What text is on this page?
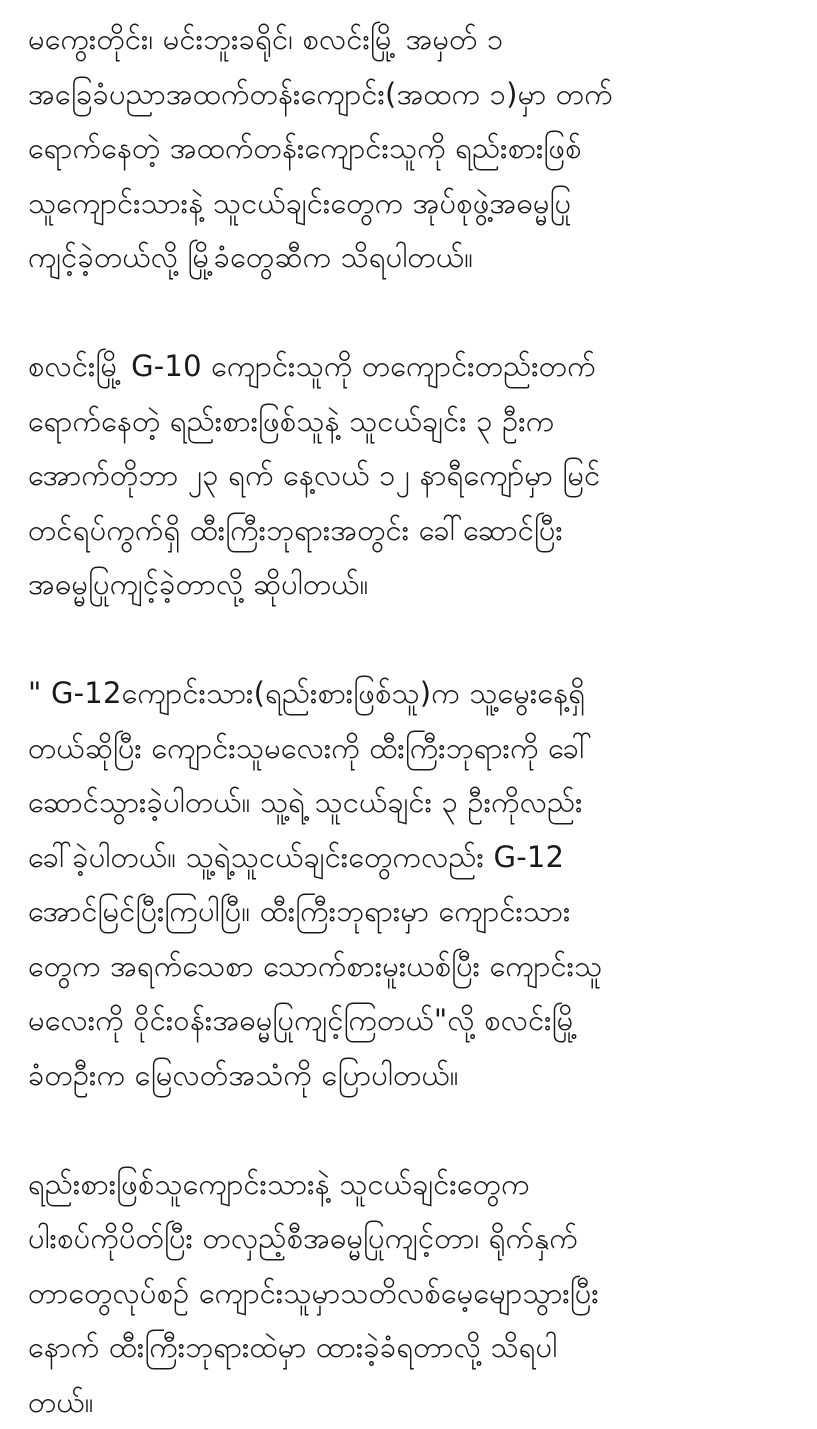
မကွေးတိုင်း၊ မင်းဘူးခရိုင်၊ စလင်းမြို့ အမှတ် ၁
အခြေခံပညာအထက်တန်းကျောင်း(အထက ၁)မှာ တက်
ရောက်နေတဲ့ အထက်တန်းကျောင်းသူကို ရည်းစားဖြစ်
သူကျောင်းသားနဲ့ သူငယ်ချင်းတွေက အုပ်စုဖွဲ့အဓမ္မပြု
ကျင့်ခဲ့တယ်လို့ မြို့ခံတွေဆီက သိရပါတယ်။
စလင်းမြို့ G-10 ကျောင်းသူကို တကျောင်းတည်းတက်
ရောက်နေတဲ့ ရည်းစားဖြစ်သူနဲ့ သူငယ်ချင်း ၃ ဦးက
အောက်တိုဘာ ၂၃ ရက် နေ့လယ် ၁၂ နာရီကျော်မှာ မြင်
တင်ရပ်ကွက်ရှိ ထီးကြီးဘုရားအတွင်း ခေါ်ဆောင်ပြီး
အဓမ္မပြုကျင့်ခဲ့တာလို့ ဆိုပါတယ်။
" G-12ကျောင်းသား(ရည်းစားဖြစ်သူ)က သူ့မွေးနေ့ရှိ
တယ်ဆိုပြီး ကျောင်းသူမလေးကို ထီးကြီးဘုရားကို ခေါ်
ဆောင်သွားခဲ့ပါတယ်။ သူ့ရဲ့ သူငယ်ချင်း ၃ ဦးကိုလည်း
ခေါ်ခဲ့ပါတယ်။ သူ့ရဲ့သူငယ်ချင်းတွေကလည်း G-12
အောင်မြင်ပြီးကြပါပြီ။ ထီးကြီးဘုရားမှာ ကျောင်းသား
တွေက အရက်သေစာ သောက်စားမူးယစ်ပြီး ကျောင်းသူ
မလေးကို ဝိုင်းဝန်းအဓမ္မပြုကျင့်ကြတယ်"လို့ စလင်းမြို့
ခံတဦးက မြေလတ်အသံကို ပြောပါတယ်။
ရည်းစားဖြစ်သူကျောင်းသားနဲ့ သူငယ်ချင်းတွေက
ပါးစပ်ကိုပိတ်ပြီး တလှည့်စီအဓမ္မပြုကျင့်တာ၊ ရိုက်နှက်
တာတွေလုပ်စဉ် ကျောင်းသူမှာသတိလစ်မေ့မျောသွားပြီး
နောက် ထီးကြီးဘုရားထဲမှာ ထားခဲ့ခံရတာလို့ သိရပါ
တယ်။
